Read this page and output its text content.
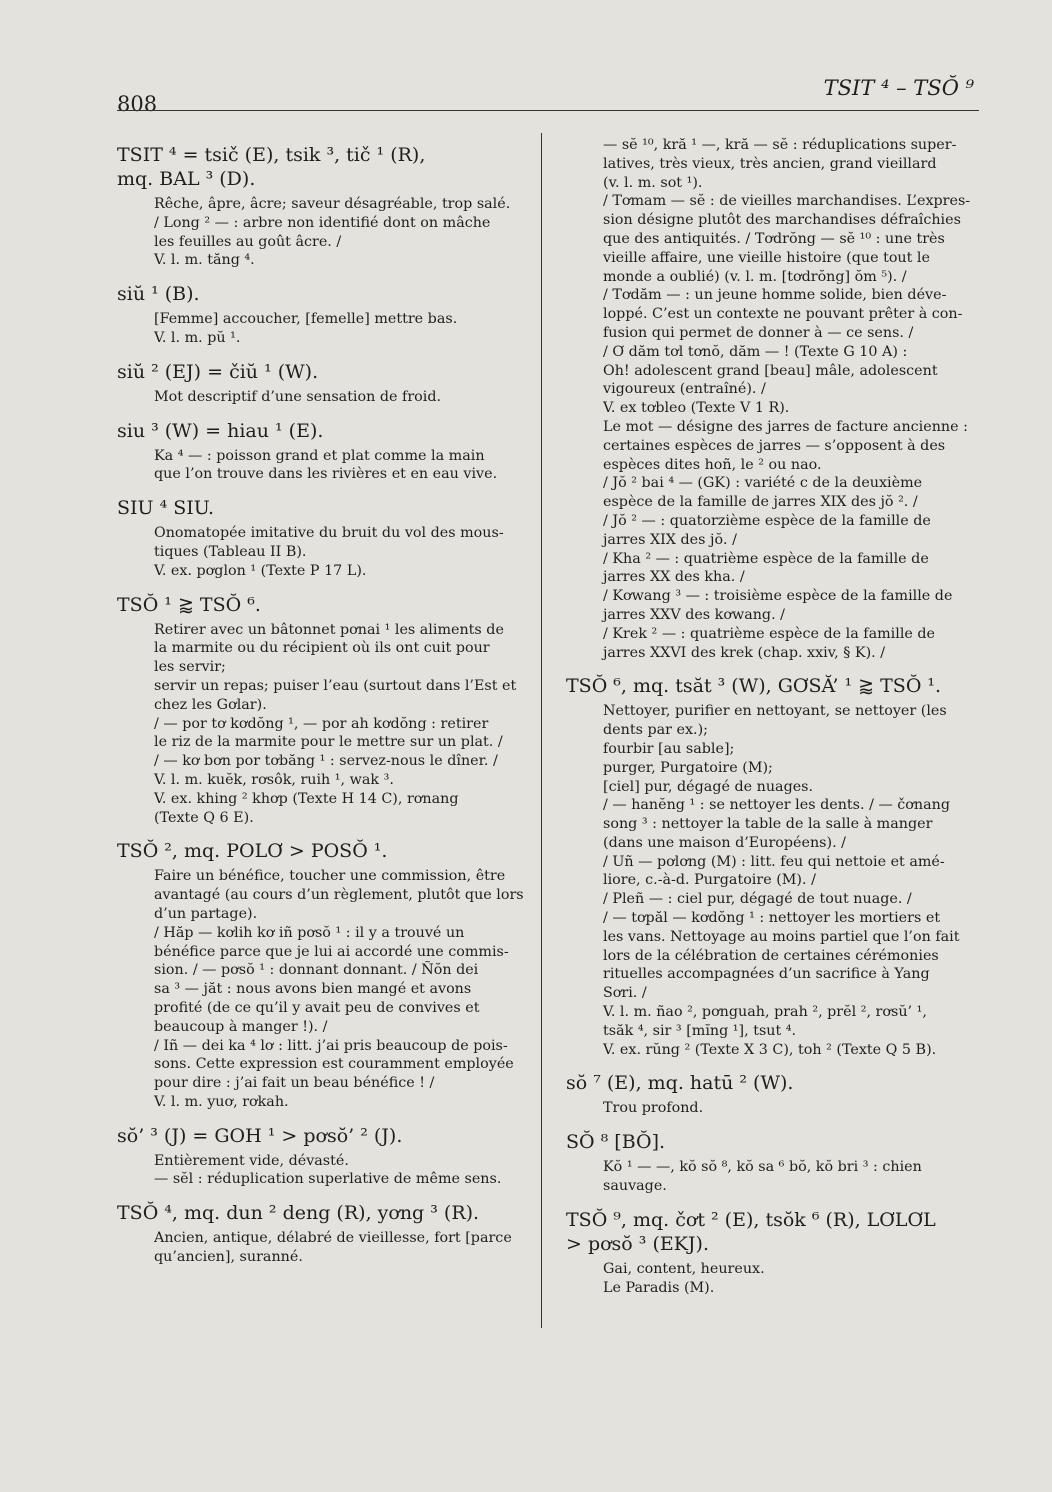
808
TSIT ⁴ – TSŎ ⁹
TSIT ⁴ = tsič (E), tsik ³, tič ¹ (R),
mq. BAL ³ (D).
Rêche, âpre, âcre; saveur désagréable, trop salé.
/ Long ² — : arbre non identifié dont on mâche
les feuilles au goût âcre. /
V. l. m. tăng ⁴.
siŭ ¹ (B).
[Femme] accoucher, [femelle] mettre bas.
V. l. m. pŭ ¹.
siŭ ² (EJ) = čiŭ ¹ (W).
Mot descriptif d’une sensation de froid.
siu ³ (W) = hiau ¹ (E).
Ka ⁴ — : poisson grand et plat comme la main
que l’on trouve dans les rivières et en eau vive.
SIU ⁴ SIU.
Onomatopée imitative du bruit du vol des mous-
tiques (Tableau II B).
V. ex. pơglon ¹ (Texte P 17 L).
TSŎ ¹ ⪆ TSŎ ⁶.
Retirer avec un bâtonnet pơnai ¹ les aliments de
la marmite ou du récipient où ils ont cuit pour
les servir;
servir un repas; puiser l’eau (surtout dans l’Est et
chez les Gơlar).
/ — por tơ kơdŏng ¹, — por ah kơdŏng : retirer
le riz de la marmite pour le mettre sur un plat. /
/ — kơ bơn por tơbăng ¹ : servez-nous le dîner. /
V. l. m. kuĕk, rơsôk, ruih ¹, wak ³.
V. ex. khing ² khơp (Texte H 14 C), rơnang
(Texte Q 6 E).
TSŎ ², mq. POLƠ > POSŎ ¹.
Faire un bénéfice, toucher une commission, être
avantagé (au cours d’un règlement, plutôt que lors
d’un partage).
/ Hăp — kơlih kơ iñ pơsŏ ¹ : il y a trouvé un
bénéfice parce que je lui ai accordé une commis-
sion. / — pơsŏ ¹ : donnant donnant. / Ñŏn dei
sa ³ — jăt : nous avons bien mangé et avons
profité (de ce qu’il y avait peu de convives et
beaucoup à manger !). /
/ Iñ — dei ka ⁴ lơ : litt. j’ai pris beaucoup de pois-
sons. Cette expression est couramment employée
pour dire : j’ai fait un beau bénéfice ! /
V. l. m. yuơ, rơkah.
sŏ’ ³ (J) = GOH ¹ > pơsŏ’ ² (J).
Entièrement vide, dévasté.
— sĕl : réduplication superlative de même sens.
TSŎ ⁴, mq. dun ² deng (R), yơng ³ (R).
Ancien, antique, délabré de vieillesse, fort [parce
qu’ancien], suranné.
— sĕ ¹⁰, kră ¹ —, kră — sĕ : réduplications super-
latives, très vieux, très ancien, grand vieillard
(v. l. m. sot ¹).
/ Tơmam — sĕ : de vieilles marchandises. L’expres-
sion désigne plutôt des marchandises défraîchies
que des antiquités. / Tơdrŏng — sĕ ¹⁰ : une très
vieille affaire, une vieille histoire (que tout le
monde a oublié) (v. l. m. [tơdrŏng] ŏm ⁵). /
/ Tơdăm — : un jeune homme solide, bien déve-
loppé. C’est un contexte ne pouvant prêter à con-
fusion qui permet de donner à — ce sens. /
/ Ơ dăm tơl tơnŏ, dăm — ! (Texte G 10 A) :
Oh! adolescent grand [beau] mâle, adolescent
vigoureux (entraîné). /
V. ex tơbleo (Texte V 1 R).
Le mot — désigne des jarres de facture ancienne :
certaines espèces de jarres — s’opposent à des
espèces dites hoñ, le ² ou nao.
/ Jŏ ² bai ⁴ — (GK) : variété c de la deuxième
espèce de la famille de jarres XIX des jŏ ². /
/ Jŏ ² — : quatorzième espèce de la famille de
jarres XIX des jŏ. /
/ Kha ² — : quatrième espèce de la famille de
jarres XX des kha. /
/ Kơwang ³ — : troisième espèce de la famille de
jarres XXV des kơwang. /
/ Krek ² — : quatrième espèce de la famille de
jarres XXVI des krek (chap. xxiv, § K). /
TSŎ ⁶, mq. tsăt ³ (W), GƠSĂ’ ¹ ⪆ TSŎ ¹.
Nettoyer, purifier en nettoyant, se nettoyer (les
dents par ex.);
fourbir [au sable];
purger, Purgatoire (M);
[ciel] pur, dégagé de nuages.
/ — hanĕng ¹ : se nettoyer les dents. / — čơnang
song ³ : nettoyer la table de la salle à manger
(dans une maison d’Européens). /
/ Uñ — pơlơng (M) : litt. feu qui nettoie et amé-
liore, c.-à-d. Purgatoire (M). /
/ Pleñ — : ciel pur, dégagé de tout nuage. /
/ — tơpăl — kơdŏng ¹ : nettoyer les mortiers et
les vans. Nettoyage au moins partiel que l’on fait
lors de la célébration de certaines cérémonies
rituelles accompagnées d’un sacrifice à Yang
Sơri. /
V. l. m. ñao ², pơnguah, prah ², prĕl ², rơsŭ’ ¹,
tsăk ⁴, sir ³ [mĭng ¹], tsut ⁴.
V. ex. rŭng ² (Texte X 3 C), toh ² (Texte Q 5 B).
sŏ ⁷ (E), mq. hatū ² (W).
Trou profond.
SŎ ⁸ [BŎ].
Kŏ ¹ — —, kŏ sŏ ⁸, kŏ sa ⁶ bŏ, kŏ bri ³ : chien
sauvage.
TSŎ ⁹, mq. čơt ² (E), tsŏk ⁶ (R), LƠLƠL
> pơsŏ ³ (EKJ).
Gai, content, heureux.
Le Paradis (M).
